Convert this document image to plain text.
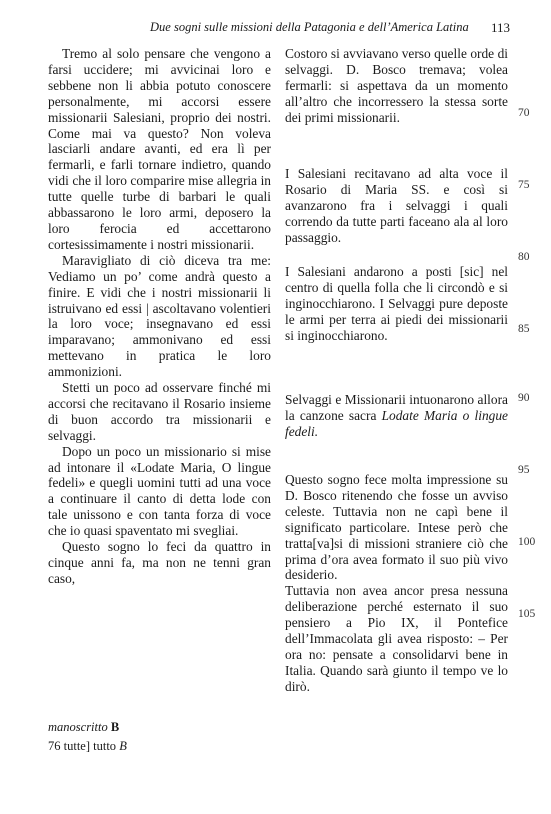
Due sogni sulle missioni della Patagonia e dell’America Latina 113

Tremo al solo pensare che vengono a farsi uccidere; mi avvicinai loro e sebbene non li abbia potuto conoscere personalmente, mi accorsi essere missionarii Salesiani, proprio dei nostri. Come mai va questo? Non voleva lasciarli andare avanti, ed era lì per fermarli, e farli tornare indietro, quando vidi che il loro comparire mise allegria in tutte quelle turbe di barbari le quali abbassarono le loro armi, deposero la loro ferocia ed accettarono cortesissimamente i nostri missionarii.

Maravigliato di ciò diceva tra me: Vediamo un po’ come andrà questo a finire. E vidi che i nostri missionarii li istruivano ed essi | ascoltavano volentieri la loro voce; insegnavano ed essi imparavano; ammonivano ed essi mettevano in pratica le loro ammonizioni.

Stetti un poco ad osservare finché mi accorsi che recitavano il Rosario insieme di buon accordo tra missionarii e selvaggi.

Dopo un poco un missionario si mise ad intonare il «Lodate Maria, O lingue fedeli» e quegli uomini tutti ad una voce a continuare il canto di detta lode con tale unissono e con tanta forza di voce che io quasi spaventato mi svegliai.

Questo sogno lo feci da quattro in cinque anni fa, ma non ne tenni gran caso,

Costoro si avviavano verso quelle orde di selvaggi. D. Bosco tremava; volea fermarli: si aspettava da un momento all’altro che incorressero la stessa sorte dei primi missionarii.
I Salesiani recitavano ad alta voce il Rosario di Maria SS. e così si avanzarono fra i selvaggi i quali correndo da tutte parti faceano ala al loro passaggio.
I Salesiani andarono a posti [sic] nel centro di quella folla che li circondò e si inginocchiarono. I Selvaggi pure deposte le armi per terra ai piedi dei missionarii si inginocchiarono.
Selvaggi e Missionarii intuonarono allora la canzone sacra Lodate Maria o lingue fedeli.
Questo sogno fece molta impressione su D. Bosco ritenendo che fosse un avviso celeste. Tuttavia non ne capì bene il significato particolare. Intese però che tratta[va]si di missioni straniere ciò che prima d’ora avea formato il suo più vivo desiderio.
Tuttavia non avea ancor presa nessuna deliberazione perché esternato il suo pensiero a Pio IX, il Pontefice dell’Immacolata gli avea risposto: – Per ora no: pensate a consolidarvi bene in Italia. Quando sarà giunto il tempo ve lo dirò.
70
75
80
85
90
95
100
105
manoscritto B
76 tutte] tutto B
